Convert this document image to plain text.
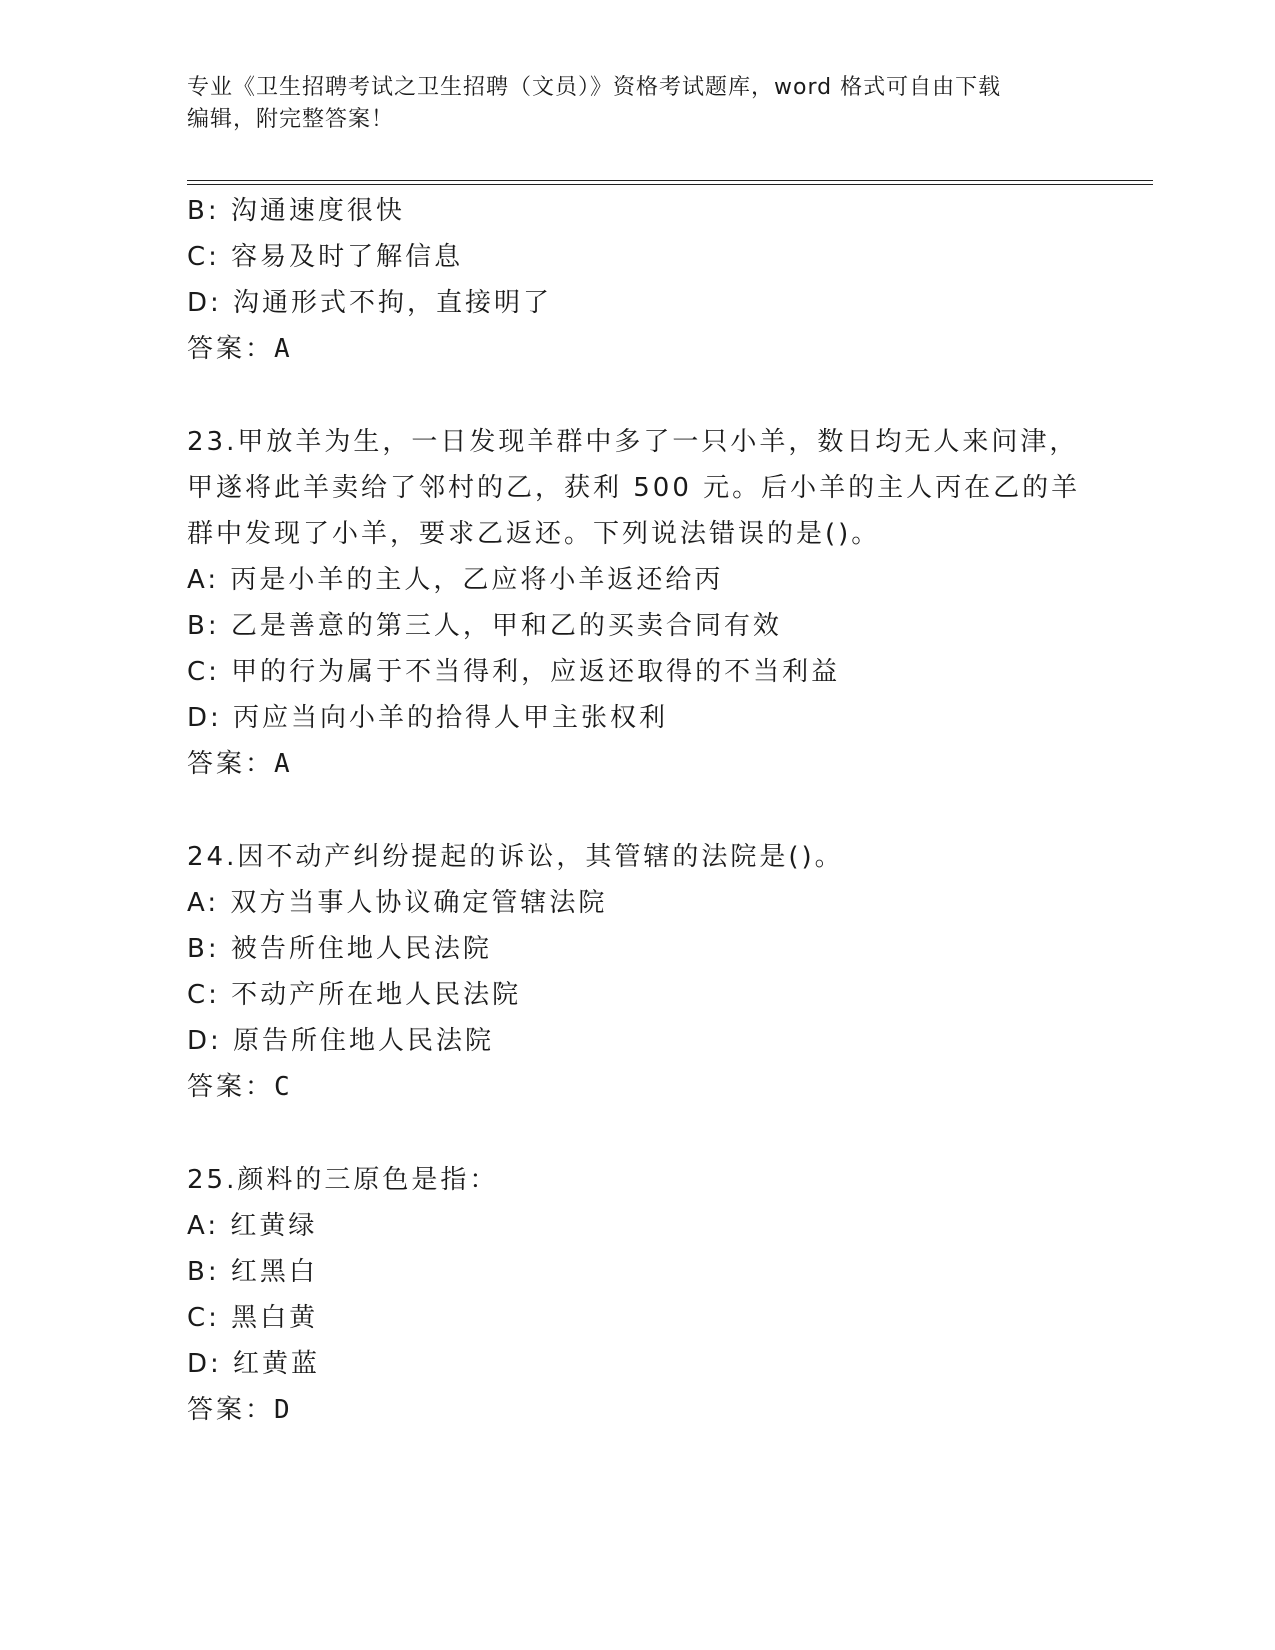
专业《卫生招聘考试之卫生招聘（文员）》资格考试题库，word 格式可自由下载
编辑，附完整答案！
B: 沟通速度很快
C: 容易及时了解信息
D: 沟通形式不拘，直接明了
答案：A
23.甲放羊为生，一日发现羊群中多了一只小羊，数日均无人来问津，
甲遂将此羊卖给了邻村的乙，获利 500 元。后小羊的主人丙在乙的羊
群中发现了小羊，要求乙返还。下列说法错误的是()。
A: 丙是小羊的主人，乙应将小羊返还给丙
B: 乙是善意的第三人，甲和乙的买卖合同有效
C: 甲的行为属于不当得利，应返还取得的不当利益
D: 丙应当向小羊的拾得人甲主张权利
答案：A
24.因不动产纠纷提起的诉讼，其管辖的法院是()。
A: 双方当事人协议确定管辖法院
B: 被告所住地人民法院
C: 不动产所在地人民法院
D: 原告所住地人民法院
答案：C
25.颜料的三原色是指：
A: 红黄绿
B: 红黑白
C: 黑白黄
D: 红黄蓝
答案：D
